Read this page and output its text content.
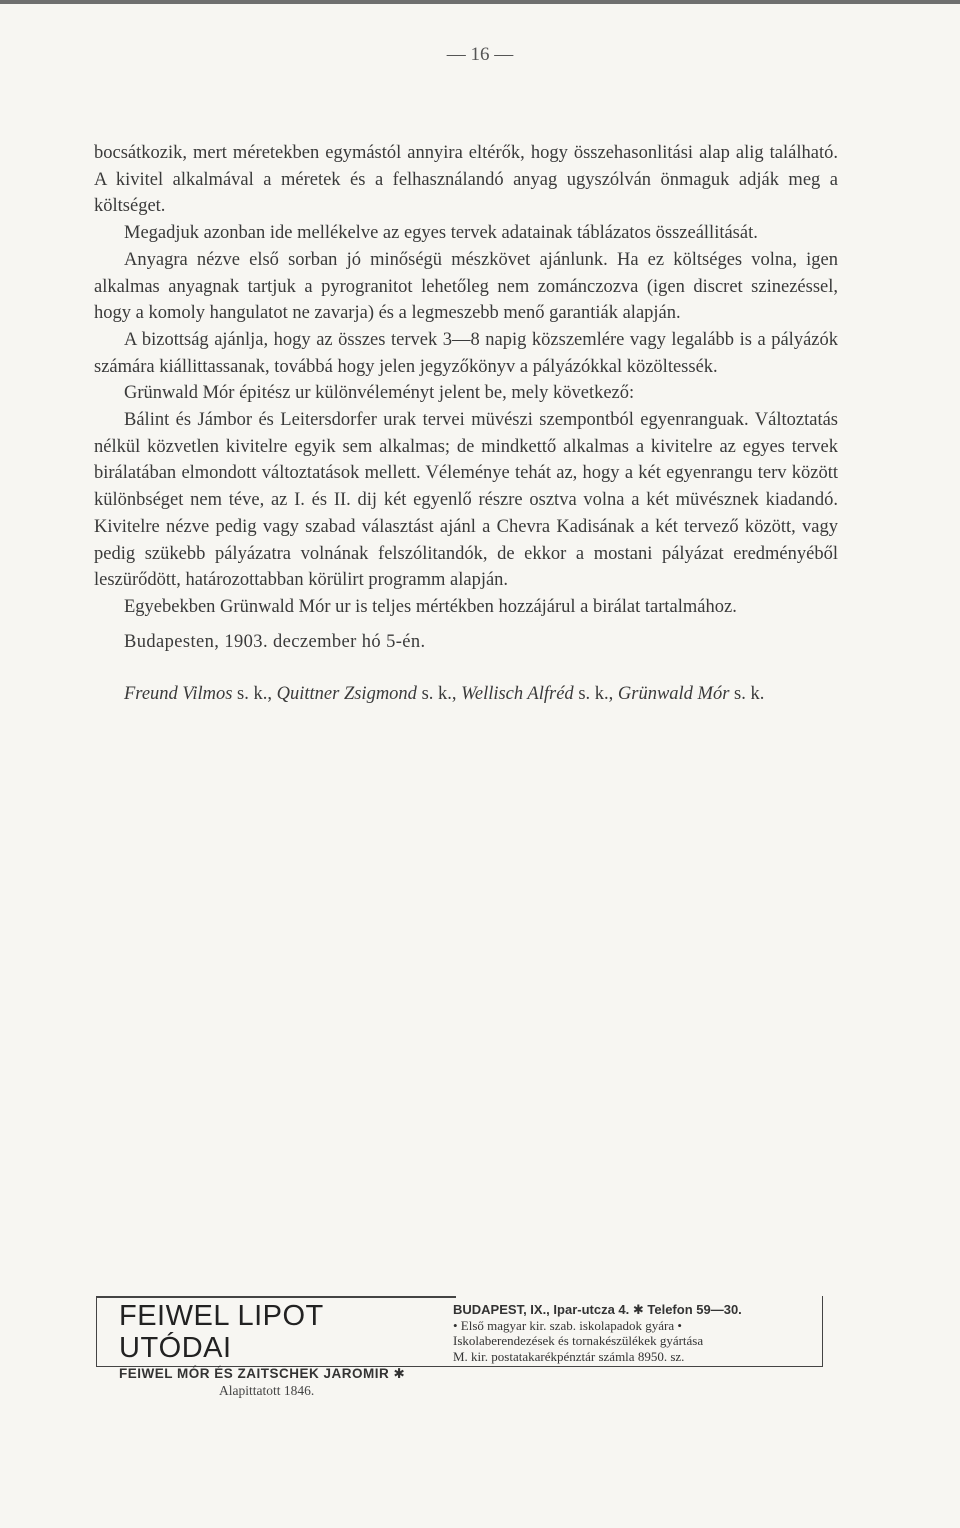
— 16 —

bocsátkozik, mert méretekben egymástól annyira eltérők, hogy összehasonlitási alap alig található. A kivitel alkalmával a méretek és a felhasználandó anyag ugyszólván önmaguk adják meg a költséget.

Megadjuk azonban ide mellékelve az egyes tervek adatainak táblázatos összeállitását.

Anyagra nézve első sorban jó minőségü mészkövet ajánlunk. Ha ez költséges volna, igen alkalmas anyagnak tartjuk a pyrogranitot lehetőleg nem zománczozva (igen discret szinezéssel, hogy a komoly hangulatot ne zavarja) és a legmeszebb menő garantiák alapján.

A bizottság ajánlja, hogy az összes tervek 3—8 napig közszemlére vagy legalább is a pályázók számára kiállittassanak, továbbá hogy jelen jegyzőkönyv a pályázókkal közöltessék.

Grünwald Mór épitész ur különvéleményt jelent be, mely következő:

Bálint és Jámbor és Leitersdorfer urak tervei müvészi szempontból egyenranguak. Változtatás nélkül közvetlen kivitelre egyik sem alkalmas; de mindkettő alkalmas a kivitelre az egyes tervek birálatában elmondott változtatások mellett. Véleménye tehát az, hogy a két egyenrangu terv között különbséget nem téve, az I. és II. dij két egyenlő részre osztva volna a két müvésznek kiadandó. Kivitelre nézve pedig vagy szabad választást ajánl a Chevra Kadisának a két tervező között, vagy pedig szükebb pályázatra volnának felszólitandók, de ekkor a mostani pályázat eredményéből leszürődött, határozottabban körülirt programm alapján.

Egyebekben Grünwald Mór ur is teljes mértékben hozzájárul a birálat tartalmához.

Budapesten, 1903. deczember hó 5-én.

Freund Vilmos s. k., Quittner Zsigmond s. k., Wellisch Alfréd s. k., Grünwald Mór s. k.

FEIWEL LIPOT UTÓDAI
FEIWEL MÓR ÉS ZAITSCHEK JAROMIR ✱
Alapittatott 1846.
BUDAPEST, IX., Ipar-utcza 4. ✱ Telefon 59—30.
• Első magyar kir. szab. iskolapadok gyára •
Iskolaberendezések és tornakészülékek gyártása
M. kir. postatakarékpénztár számla 8950. sz.
